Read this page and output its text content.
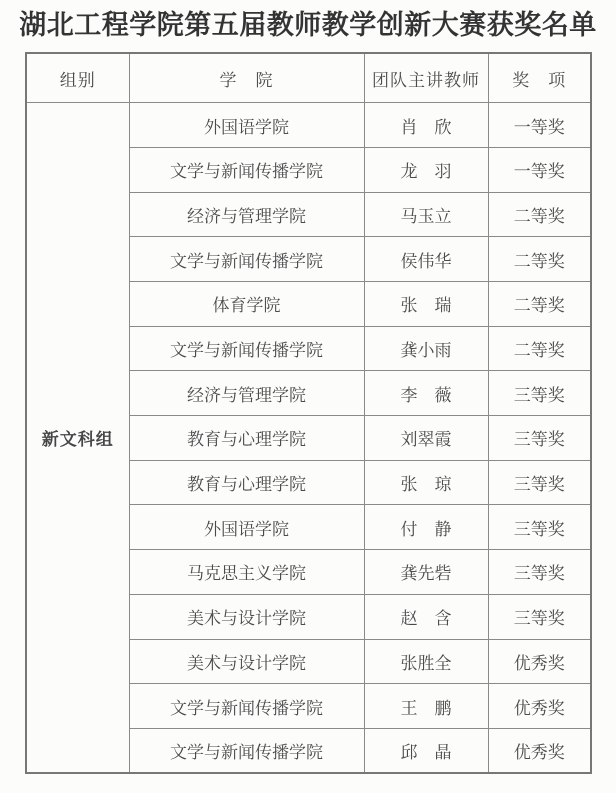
湖北工程学院第五届教师教学创新大赛获奖名单
组别	学　院	团队主讲教师	奖　项
新文科组	外国语学院	肖　欣	一等奖
	文学与新闻传播学院	龙　羽	一等奖
	经济与管理学院	马玉立	二等奖
	文学与新闻传播学院	侯伟华	二等奖
	体育学院	张　瑞	二等奖
	文学与新闻传播学院	龚小雨	二等奖
	经济与管理学院	李　薇	三等奖
	教育与心理学院	刘翠霞	三等奖
	教育与心理学院	张　琼	三等奖
	外国语学院	付　静	三等奖
	马克思主义学院	龚先砦	三等奖
	美术与设计学院	赵　含	三等奖
	美术与设计学院	张胜全	优秀奖
	文学与新闻传播学院	王　鹏	优秀奖
	文学与新闻传播学院	邱　晶	优秀奖
